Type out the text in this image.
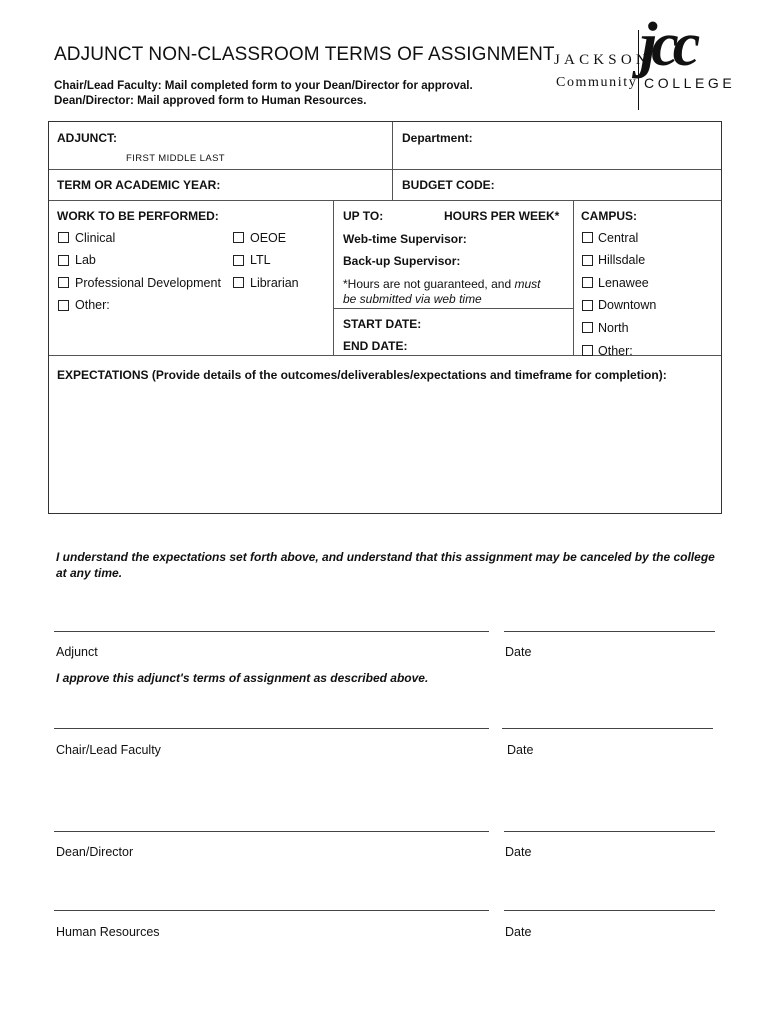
ADJUNCT NON-CLASSROOM TERMS OF ASSIGNMENT
Chair/Lead Faculty: Mail completed form to your Dean/Director for approval.
Dean/Director: Mail approved form to Human Resources.
jcc
JACKSON
Community COLLEGE
ADJUNCT:
FIRST MIDDLE LAST
Department:
TERM OR ACADEMIC YEAR:	BUDGET CODE:
WORK TO BE PERFORMED:
Clinical
Lab
Professional Development
Other:
OEOE
LTL
Librarian
UP TO:	HOURS PER WEEK*
Web-time Supervisor:
Back-up Supervisor:
*Hours are not guaranteed, and must
be submitted via web time
START DATE:
END DATE:
CAMPUS:
Central
Hillsdale
Lenawee
Downtown
North
Other:
EXPECTATIONS (Provide details of the outcomes/deliverables/expectations and timeframe for completion):
I understand the expectations set forth above, and understand that this assignment may be canceled by the college at any time.
Adjunct	Date
I approve this adjunct's terms of assignment as described above.
Chair/Lead Faculty	Date
Dean/Director	Date
Human Resources	Date
